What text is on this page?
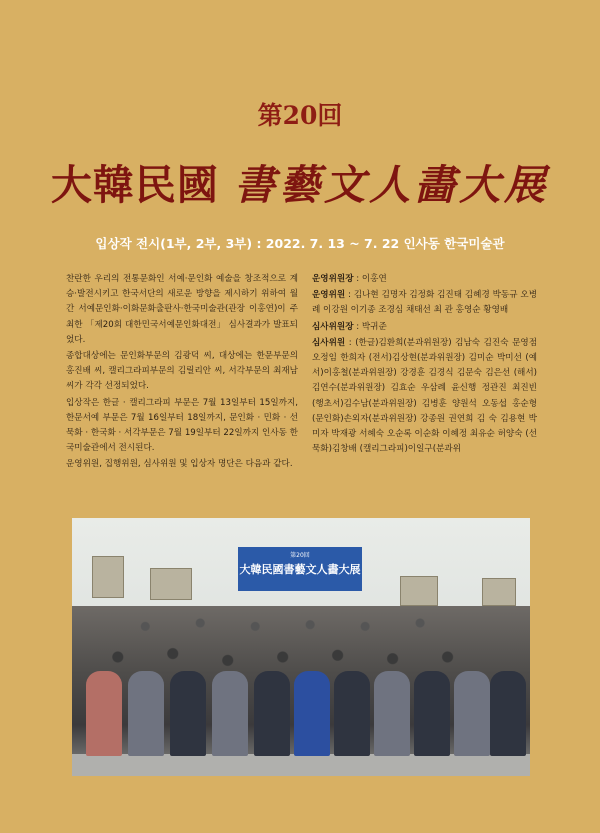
第20回
大韓民國 書藝文人畵大展
입상작 전시(1부, 2부, 3부) : 2022. 7. 13 ~ 7. 22 인사동 한국미술관

찬란한 우리의 전통문화인 서예·문인화 예술을 창조적으로 계승·발전시키고 한국서단의 새로운 방향을 제시하기 위하여 월간 서예문인화·이화문화출판사·한국미술관(관장 이홍연)이 주최한 「제20회 대한민국서예문인화대전」 심사결과가 발표되었다.

종합대상에는 문인화부문의 김광덕 씨, 대상에는 한문부문의 홍진배 씨, 캘리그라피부문의 김릴리안 씨, 서각부문의 최재남 씨가 각각 선정되었다.

입상작은 한글 · 캘리그라피 부문은 7월 13일부터 15일까지, 한문서예 부문은 7월 16일부터 18일까지, 문인화 · 민화 · 선묵화 · 한국화 · 서각부문은 7월 19일부터 22일까지 인사동 한국미술관에서 전시된다.

운영위원, 집행위원, 심사위원 및 입상자 명단은 다음과 같다.

운영위원장 : 이홍연

운영위원 : 김나현 김명자 김정화 김진태 김혜경 박동규 오병례 이강원 이기종 조경심 채태선 최 관 홍영순 황영배

심사위원장 : 박귀준

심사위원 : (한글)김환희(분과위원장) 김남숙 김진숙 문영점 오정임 한희자 (전서)김상현(분과위원장) 김미순 박미선 (예서)이홍철(분과위원장) 강경훈 김경식 김문숙 김은선 (해서)김연수(분과위원장) 김효순 우삼례 윤신행 정관진 최진빈 (행초서)김수남(분과위원장) 김병훈 양원석 오동섭 홍순형 (문인화)손외자(분과위원장) 강종원 권연희 김 숙 김용현 박미자 박재광 서혜숙 오순록 이순화 이혜정 최유순 허양숙 (선묵화)김창배 (캘리그라피)이일구(분과위

第20回
大韓民國書藝文人畵大展
